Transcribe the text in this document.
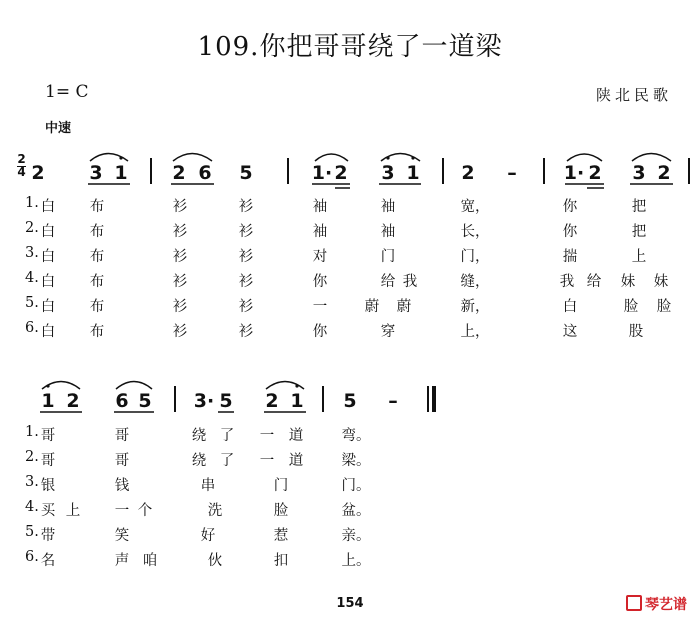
109.你把哥哥绕了一道梁
1= C	陕北民歌
中速
2
4 2 3 1 2 6 5	1· 2 3 1 2 – 1· 2 3 2
1. 白 布	衫	衫	袖	袖	宽，	你	把
2. 白 布	衫	衫	袖	袖	长，	你	把
3. 白 布	衫	衫	对	门	门，	揣	上
4. 白 布	衫	衫	你	给 我	缝，	我 给 妹 妹
5. 白 布	衫	衫	一	蔚 蔚	新，	白	脸 脸
6. 白 布	衫	衫	你	穿	上，	这	股
1 2 6 5 3· 5 2 1 5 –
1. 哥	哥	绕 了 一 道	弯。
2. 哥	哥	绕 了 一 道	梁。
3. 银	钱	串	门	门。
4. 买 上 一 个	洗	脸	盆。
5. 带	笑	好	惹	亲。
6. 名	声 咱	伙	扣	上。
154	琴艺谱
